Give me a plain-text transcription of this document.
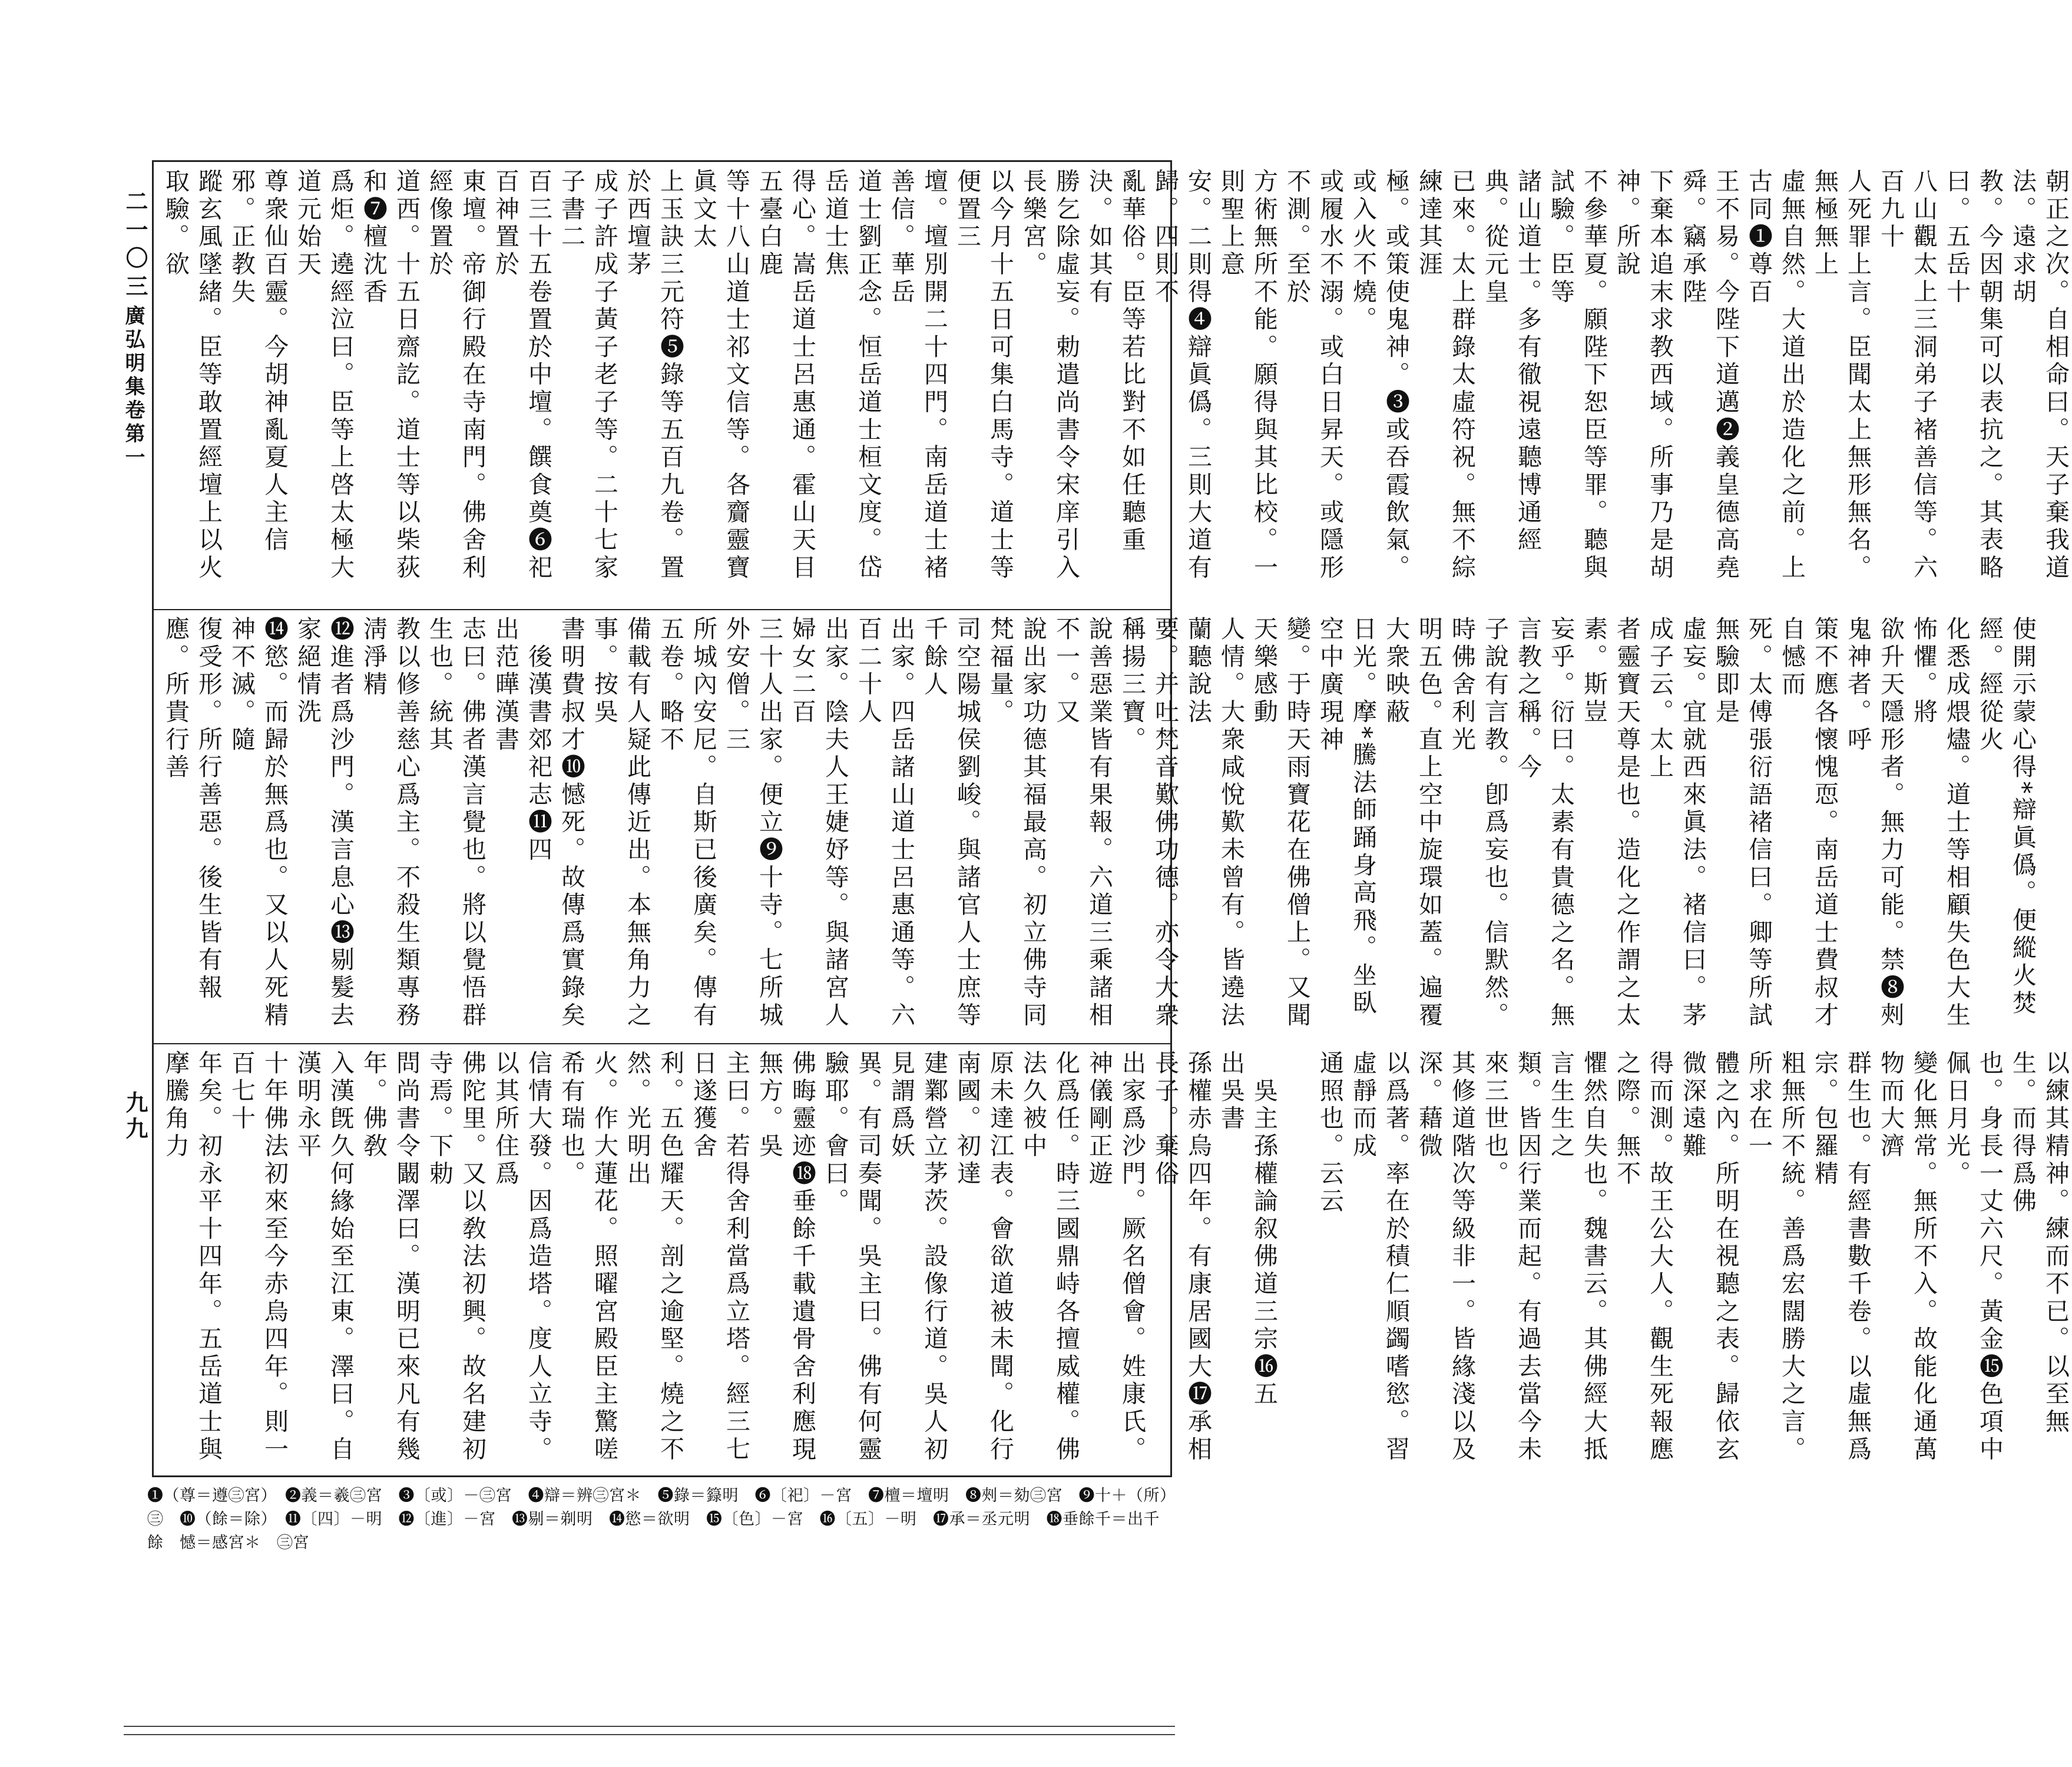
朝正之次。自相命曰。天子棄我道法。遠求胡
教。今因朝集可以表抗之。其表略曰。五岳十
八山觀太上三洞弟子褚善信等。六百九十
人死罪上言。臣聞太上無形無名。無極無上
虛無自然。大道出於造化之前。上古同❶尊百
王不易。今陛下道邁❷義皇德高堯舜。竊承陛
下棄本追末求教西域。所事乃是胡神。所說
不參華夏。願陛下恕臣等罪。聽與試驗。臣等
諸山道士。多有徹視遠聽博通經典。從元皇
已來。太上群錄太虛符祝。無不綜練達其涯
極。或策使鬼神。❸或吞霞飲氣。或入火不燒。
或履水不溺。或白日昇天。或隱形不測。至於
方術無所不能。願得與其比校。一則聖上意
安。二則得❹辯眞僞。三則大道有歸。四則不
亂華俗。臣等若比對不如任聽重決。如其有
勝乞除虛妄。勅遣尚書令宋庠引入長樂宮。
以今月十五日可集白馬寺。道士等便置三
壇。壇別開二十四門。南岳道士褚善信。華岳
道士劉正念。恒岳道士桓文度。岱岳道士焦
得心。嵩岳道士呂惠通。霍山天目五臺白鹿
等十八山道士祁文信等。各齎靈寶眞文太
上玉訣三元符❺錄等五百九卷。置於西壇茅
成子許成子黃子老子等。二十七家子書二
百三十五卷置於中壇。饌食奠❻祀百神置於
東壇。帝御行殿在寺南門。佛舍利經像置於
道西。十五日齋訖。道士等以柴荻和❼檀沈香
爲炬。遶經泣曰。臣等上啓太極大道元始天
尊衆仙百靈。今胡神亂夏人主信邪。正教失
蹤玄風墜緒。臣等敢置經壇上以火取驗。欲
使開示蒙心得*辯眞僞。便縱火焚經。經從火
化悉成煨燼。道士等相顧失色大生怖懼。將
欲升天隱形者。無力可能。禁❽㓨鬼神者。呼
策不應各懷愧恧。南岳道士費叔才自憾而
死。太傅張衍語褚信曰。卿等所試無驗即是
虛妄。宜就西來眞法。褚信曰。茅成子云。太上
者靈寶天尊是也。造化之作謂之太素。斯豈
妄乎。衍曰。太素有貴德之名。無言教之稱。今
子說有言教。卽爲妄也。信默然。時佛舍利光
明五色。直上空中旋環如蓋。遍覆大衆映蔽
日光。摩*騰法師踊身高飛。坐臥空中廣現神
變。于時天雨寶花在佛僧上。又聞天樂感動
人情。大衆咸悅歎未曾有。皆遶法蘭聽說法
要。并吐梵音歎佛功德。亦令大衆稱揚三寶。
說善惡業皆有果報。六道三乘諸相不一。又
說出家功德其福最高。初立佛寺同梵福量。
司空陽城侯劉峻。與諸官人士庶等千餘人
出家。四岳諸山道士呂惠通等。六百二十人
出家。陰夫人王婕妤等。與諸宮人婦女二百
三十人出家。便立❾十寺。七所城外安僧。三
所城內安尼。自斯已後廣矣。傳有五卷。略不
備載有人疑此傳近出。本無角力之事。按吳
書明費叔才❿憾死。故傳爲實錄矣
　後漢書郊祀志⓫四　　　　　　　出范曄漢書
志曰。佛者漢言覺也。將以覺悟群生也。統其
教以修善慈心爲主。不殺生類專務淸淨精
⓬進者爲沙門。漢言息心⓭剔髮去家絕情洗
⓮慾。而歸於無爲也。又以人死精神不滅。隨
復受形。所行善惡。後生皆有報應。所貴行善
以練其精神。練而不已。以至無生。而得爲佛
也。身長一丈六尺。黃金⓯色項中佩日月光。
變化無常。無所不入。故能化通萬物而大濟
群生也。有經書數千卷。以虛無爲宗。包羅精
粗無所不統。善爲宏闊勝大之言。所求在一
體之內。所明在視聽之表。歸依玄微深遠難
得而測。故王公大人。觀生死報應之際。無不
懼然自失也。魏書云。其佛經大抵言生生之
類。皆因行業而起。有過去當今未來三世也。
其修道階次等級非一。皆緣淺以及深。藉微
以爲著。率在於積仁順蠲嗜慾。習虛靜而成
通照也。云云

　吳主孫權論叙佛道三宗⓰五　　　　出吳書
孫權赤烏四年。有康居國大⓱承相長子。棄俗
出家爲沙門。厥名僧會。姓康氏。神儀剛正遊
化爲任。時三國鼎峙各擅威權。佛法久被中
原未達江表。會欲道被未聞。化行南國。初達
建鄴營立茅茨。設像行道。吳人初見謂爲妖
異。有司奏聞。吳主曰。佛有何靈驗耶。會曰。
佛晦靈迹⓲垂餘千載遺骨舍利應現無方。吳
主曰。若得舍利當爲立塔。經三七日遂獲舍
利。五色耀天。剖之逾堅。燒之不然。光明出
火。作大蓮花。照曜宮殿臣主驚嗟希有瑞也。
信情大發。因爲造塔。度人立寺。以其所住爲
佛陀里。又以敎法初興。故名建初寺焉。下勅
問尚書令闞澤曰。漢明已來凡有幾年。佛敎
入漢旣久何緣始至江東。澤曰。自漢明永平
十年佛法初來至今赤烏四年。則一百七十
年矣。初永平十四年。五岳道士與摩騰角力
二一〇三
廣弘明集卷第一
九九
❶（尊＝遵㊂宮）　❷義＝羲㊂宮　❸〔或〕－㊂宮　❹辯＝辨㊂宮＊　❺錄＝籙明　❻〔祀〕－宮　❼檀＝壇明　❽㓨＝劾㊂宮　❾十＋（所）㊂　❿（餘＝除）　⓫〔四〕－明　⓬〔進〕－宮　⓭剔＝剃明　⓮慾＝欲明　⓯〔色〕－宮　⓰〔五〕－明　⓱承＝丞元明　⓲垂餘千＝出千餘　憾＝感宮＊　㊂宮
